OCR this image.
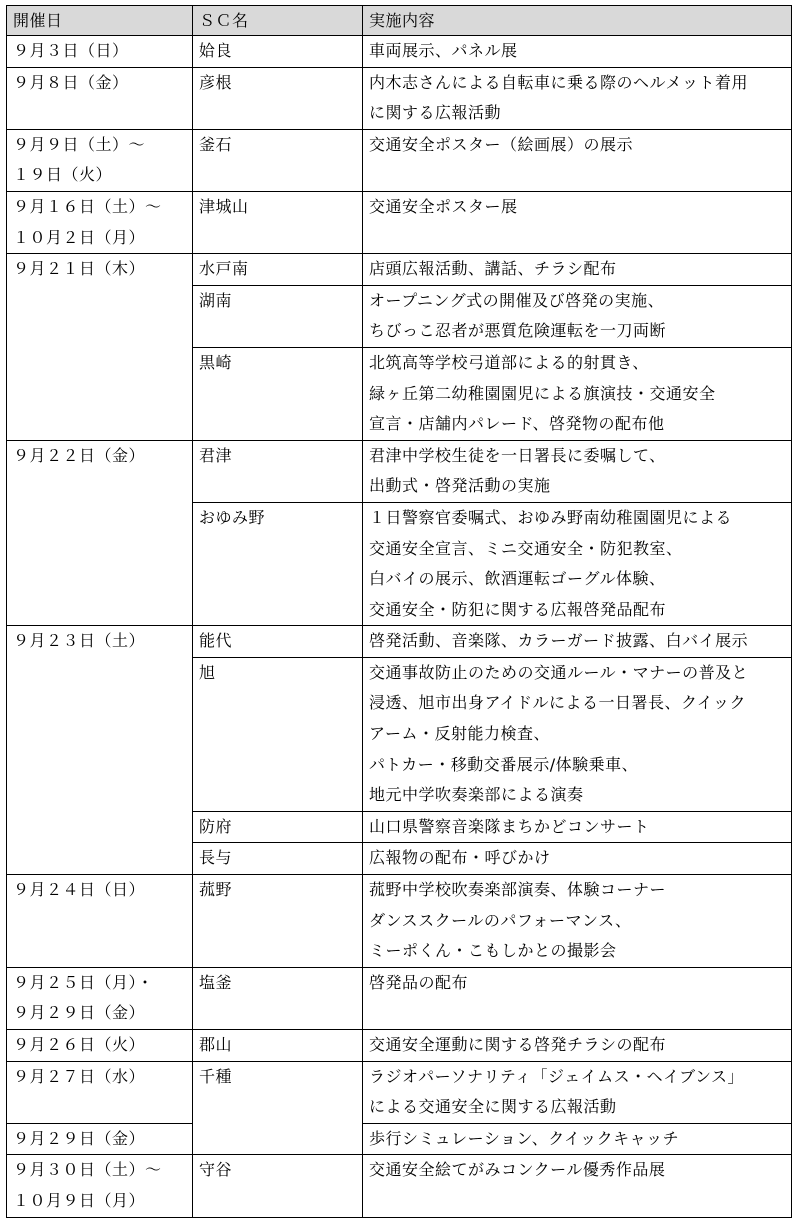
開催日	ＳＣ名	実施内容
９月３日（日）	姶良	車両展示、パネル展
９月８日（金）	彦根	内木志さんによる自転車に乗る際のヘルメット着用
に関する広報活動
９月９日（土）～
１９日（火）	釜石	交通安全ポスター（絵画展）の展示
９月１６日（土）～
１０月２日（月）	津城山	交通安全ポスター展
９月２１日（木）	水戸南	店頭広報活動、講話、チラシ配布
	湖南	オープニング式の開催及び啓発の実施、
ちびっこ忍者が悪質危険運転を一刀両断
	黒崎	北筑高等学校弓道部による的射貫き、
緑ヶ丘第二幼稚園園児による旗演技・交通安全
宣言・店舗内パレード、啓発物の配布他
９月２２日（金）	君津	君津中学校生徒を一日署長に委嘱して、
出動式・啓発活動の実施
	おゆみ野	１日警察官委嘱式、おゆみ野南幼稚園園児による
交通安全宣言、ミニ交通安全・防犯教室、
白バイの展示、飲酒運転ゴーグル体験、
交通安全・防犯に関する広報啓発品配布
９月２３日（土）	能代	啓発活動、音楽隊、カラーガード披露、白バイ展示
	旭	交通事故防止のための交通ルール・マナーの普及と
浸透、旭市出身アイドルによる一日署長、クイック
アーム・反射能力検査、
パトカー・移動交番展示/体験乗車、
地元中学吹奏楽部による演奏
	防府	山口県警察音楽隊まちかどコンサート
	長与	広報物の配布・呼びかけ
９月２４日（日）	菰野	菰野中学校吹奏楽部演奏、体験コーナー
ダンススクールのパフォーマンス、
ミーポくん・こもしかとの撮影会
９月２５日（月）・
９月２９日（金）	塩釜	啓発品の配布
９月２６日（火）	郡山	交通安全運動に関する啓発チラシの配布
９月２７日（水）	千種	ラジオパーソナリティ「ジェイムス・ヘイブンス」
による交通安全に関する広報活動
９月２９日（金）		歩行シミュレーション、クイックキャッチ
９月３０日（土）～
１０月９日（月）	守谷	交通安全絵てがみコンクール優秀作品展
